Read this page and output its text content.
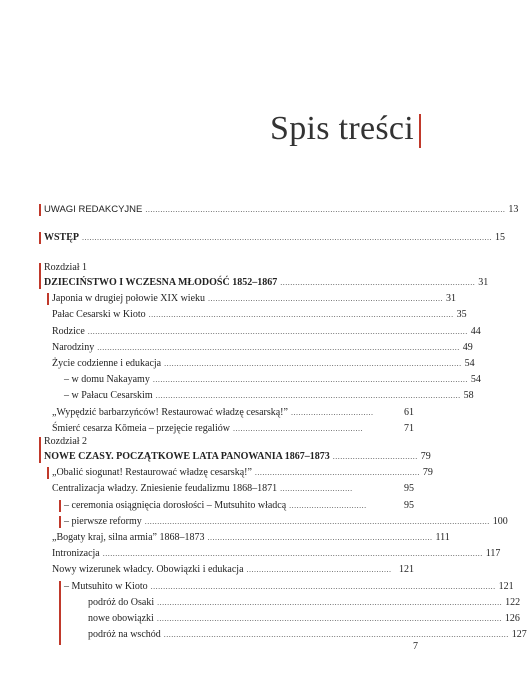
Spis treści
UWAGI REDAKCYJNE ................................................................................................................................................ 13
WSTĘP .................................................................................................................................................................... 15
Rozdział 1
DZIECIŃSTWO I WCZESNA MŁODOŚĆ 1852–1867 .............................................................................. 31
Japonia w drugiej połowie XIX wieku .............................................................................................. 31
Pałac Cesarski w Kioto .......................................................................................................................... 35
Rodzice ........................................................................................................................................................ 44
Narodziny ................................................................................................................................................. 49
Życie codzienne i edukacja ....................................................................................................................... 54
– w domu Nakayamy .............................................................................................................................. 54
– w Pałacu Cesarskim .......................................................................................................................... 58
„Wypędzić barbarzyńców! Restaurować władzę cesarską!” .................................	61
Śmierć cesarza Kōmeia – przejęcie regaliów ....................................................	71
Rozdział 2
NOWE CZASY. POCZĄTKOWE LATA PANOWANIA 1867–1873 .................................. 79
„Obalić siogunat! Restaurować władzę cesarską!” .................................................................. 79
Centralizacja władzy. Zniesienie feudalizmu 1868–1871 .............................	95
– ceremonia osiągnięcia dorosłości – Mutsuhito władcą ...............................	95
– pierwsze reformy .......................................................................................................................................... 100
„Bogaty kraj, silna armia” 1868–1873 .......................................................................................... 111
Intronizacja ........................................................................................................................................................ 117
Nowy wizerunek władcy. Obowiązki i edukacja .......................................................... 121
– Mutsuhito w Kioto .......................................................................................................................................... 121
podróż do Osaki .......................................................................................................................................... 122
nowe obowiązki .......................................................................................................................................... 126
podróż na wschód .......................................................................................................................................... 127
7
